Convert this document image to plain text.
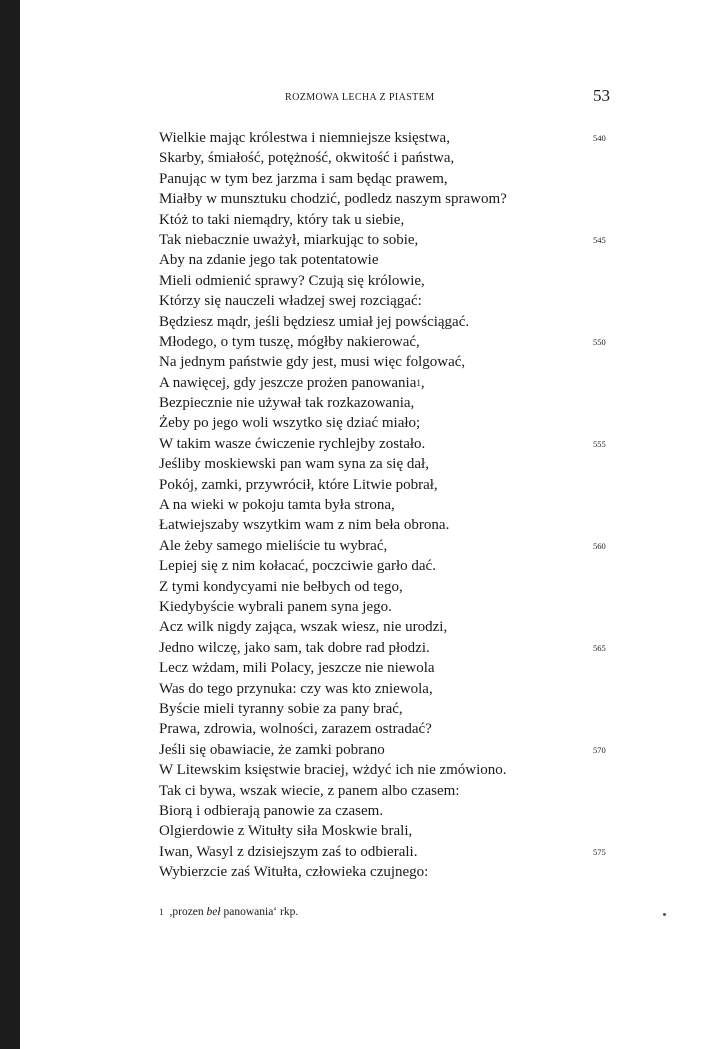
ROZMOWA LECHA Z PIASTEM	53
Wielkie mając królestwa i niemniejsze księstwa,	540
Skarby, śmiałość, potężność, okwitość i państwa,
Panując w tym bez jarzma i sam będąc prawem,
Miałby w munsztuku chodzić, podledz naszym sprawom?
Któż to taki niemądry, który tak u siebie,
Tak niebacznie uważył, miarkując to sobie,	545
Aby na zdanie jego tak potentatowie
Mieli odmienić sprawy? Czują się królowie,
Którzy się nauczeli władzej swej rozciągać:
Będziesz mądr, jeśli będziesz umiał jej powściągać.
Młodego, o tym tuszę, mógłby nakierować,	550
Na jednym państwie gdy jest, musi więc folgować,
A nawięcej, gdy jeszcze prożen panowania$^1$,
Bezpiecznie nie używał tak rozkazowania,
Żeby po jego woli wszytko się dziać miało;
W takim wasze ćwiczenie rychlejby zostało.	555
Jeśliby moskiewski pan wam syna za się dał,
Pokój, zamki, przywrócił, które Litwie pobrał,
A na wieki w pokoju tamta była strona,
Łatwiejszaby wszytkim wam z nim beła obrona.
Ale żeby samego mieliście tu wybrać,	560
Lepiej się z nim kołacać, poczciwie garło dać.
Z tymi kondycyami nie bełbych od tego,
Kiedybyście wybrali panem syna jego.
Acz wilk nigdy zająca, wszak wiesz, nie urodzi,
Jedno wilczę, jako sam, tak dobre rad płodzi.	565
Lecz wżdam, mili Polacy, jeszcze nie niewola
Was do tego przynuka: czy was kto zniewola,
Byście mieli tyranny sobie za pany brać,
Prawa, zdrowia, wolności, zarazem ostradać?
Jeśli się obawiacie, że zamki pobrano	570
W Litewskim księstwie braciej, wżdyć ich nie zmówiono.
Tak ci bywa, wszak wiecie, z panem albo czasem:
Biorą i odbierają panowie za czasem.
Olgierdowie z Witułty siła Moskwie brali,
Iwan, Wasyl z dzisiejszym zaś to odbierali.	575
Wybierzcie zaś Witułta, człowieka czujnego:
1 ,prozen beł panowania‘ rkp.
